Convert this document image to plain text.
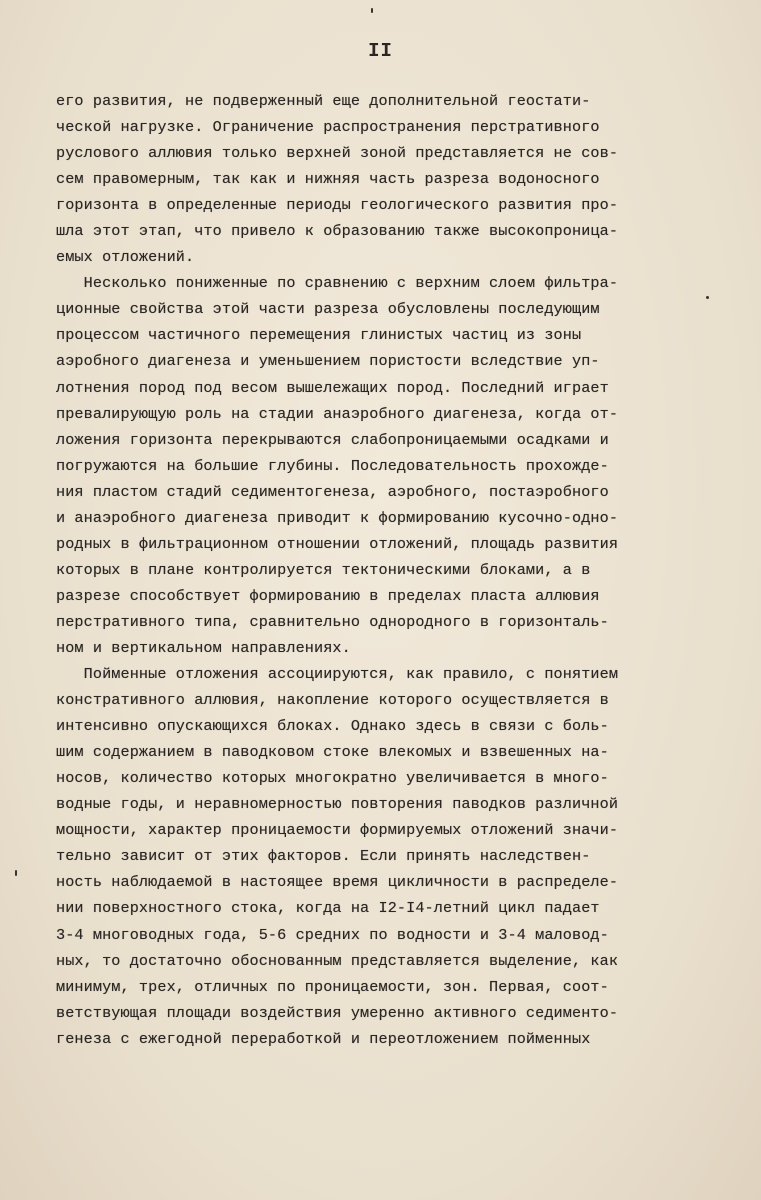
II
его развития, не подверженный еще дополнительной геостати-
ческой нагрузке. Ограничение распространения перстративного
руслового аллювия только верхней зоной представляется не сов-
сем правомерным, так как и нижняя часть разреза водоносного
горизонта в определенные периоды геологического развития про-
шла этот этап, что привело к образованию также высокопроница-
емых отложений.
Несколько пониженные по сравнению с верхним слоем фильтра-
ционные свойства этой части разреза обусловлены последующим
процессом частичного перемещения глинистых частиц из зоны
аэробного диагенеза и уменьшением пористости вследствие уп-
лотнения пород под весом вышележащих пород. Последний играет
превалирующую роль на стадии анаэробного диагенеза, когда от-
ложения горизонта перекрываются слабопроницаемыми осадками и
погружаются на большие глубины. Последовательность прохожде-
ния пластом стадий седиментогенеза, аэробного, постаэробного
и анаэробного диагенеза приводит к формированию кусочно-одно-
родных в фильтрационном отношении отложений, площадь развития
которых в плане контролируется тектоническими блоками, а в
разрезе способствует формированию в пределах пласта аллювия
перстративного типа, сравнительно однородного в горизонталь-
ном и вертикальном направлениях.
Пойменные отложения ассоциируются, как правило, с понятием
констративного аллювия, накопление которого осуществляется в
интенсивно опускающихся блоках. Однако здесь в связи с боль-
шим содержанием в паводковом стоке влекомых и взвешенных на-
носов, количество которых многократно увеличивается в много-
водные годы, и неравномерностью повторения паводков различной
мощности, характер проницаемости формируемых отложений значи-
тельно зависит от этих факторов. Если принять наследствен-
ность наблюдаемой в настоящее время цикличности в распределе-
нии поверхностного стока, когда на I2-I4-летний цикл падает
3-4 многоводных года, 5-6 средних по водности и 3-4 маловод-
ных, то достаточно обоснованным представляется выделение, как
минимум, трех, отличных по проницаемости, зон. Первая, соот-
ветствующая площади воздействия умеренно активного седименто-
генеза с ежегодной переработкой и переотложением пойменных
